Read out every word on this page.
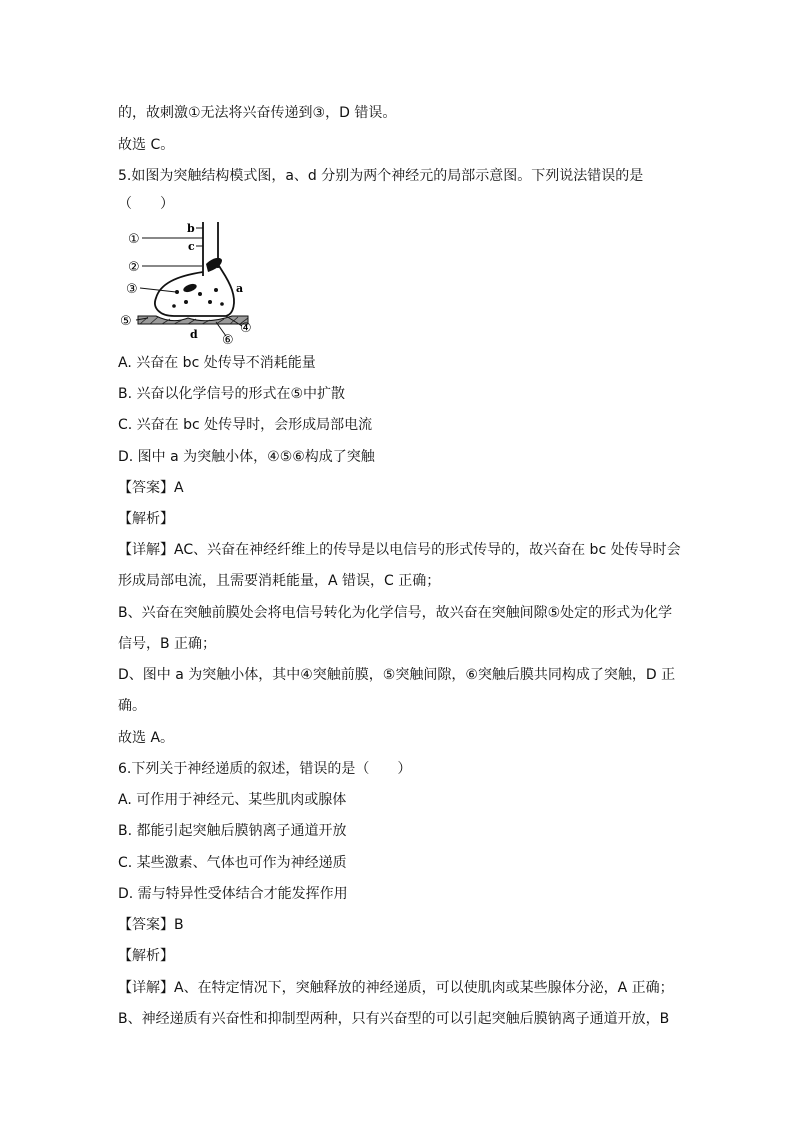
的，故刺激①无法将兴奋传递到③，D 错误。
故选 C。
5.如图为突触结构模式图，a、d 分别为两个神经元的局部示意图。下列说法错误的是
（　　）
b
c
①
②
③	a
⑤	④
d ⑥
A. 兴奋在 bc 处传导不消耗能量
B. 兴奋以化学信号的形式在⑤中扩散
C. 兴奋在 bc 处传导时，会形成局部电流
D. 图中 a 为突触小体，④⑤⑥构成了突触
【答案】A
【解析】
【详解】AC、兴奋在神经纤维上的传导是以电信号的形式传导的，故兴奋在 bc 处传导时会
形成局部电流，且需要消耗能量，A 错误，C 正确；
B、兴奋在突触前膜处会将电信号转化为化学信号，故兴奋在突触间隙⑤处定的形式为化学
信号，B 正确；
D、图中 a 为突触小体，其中④突触前膜，⑤突触间隙，⑥突触后膜共同构成了突触，D 正
确。
故选 A。
6.下列关于神经递质的叙述，错误的是（　　）
A. 可作用于神经元、某些肌肉或腺体
B. 都能引起突触后膜钠离子通道开放
C. 某些激素、气体也可作为神经递质
D. 需与特异性受体结合才能发挥作用
【答案】B
【解析】
【详解】A、在特定情况下，突触释放的神经递质，可以使肌肉或某些腺体分泌，A 正确；
B、神经递质有兴奋性和抑制型两种，只有兴奋型的可以引起突触后膜钠离子通道开放，B
